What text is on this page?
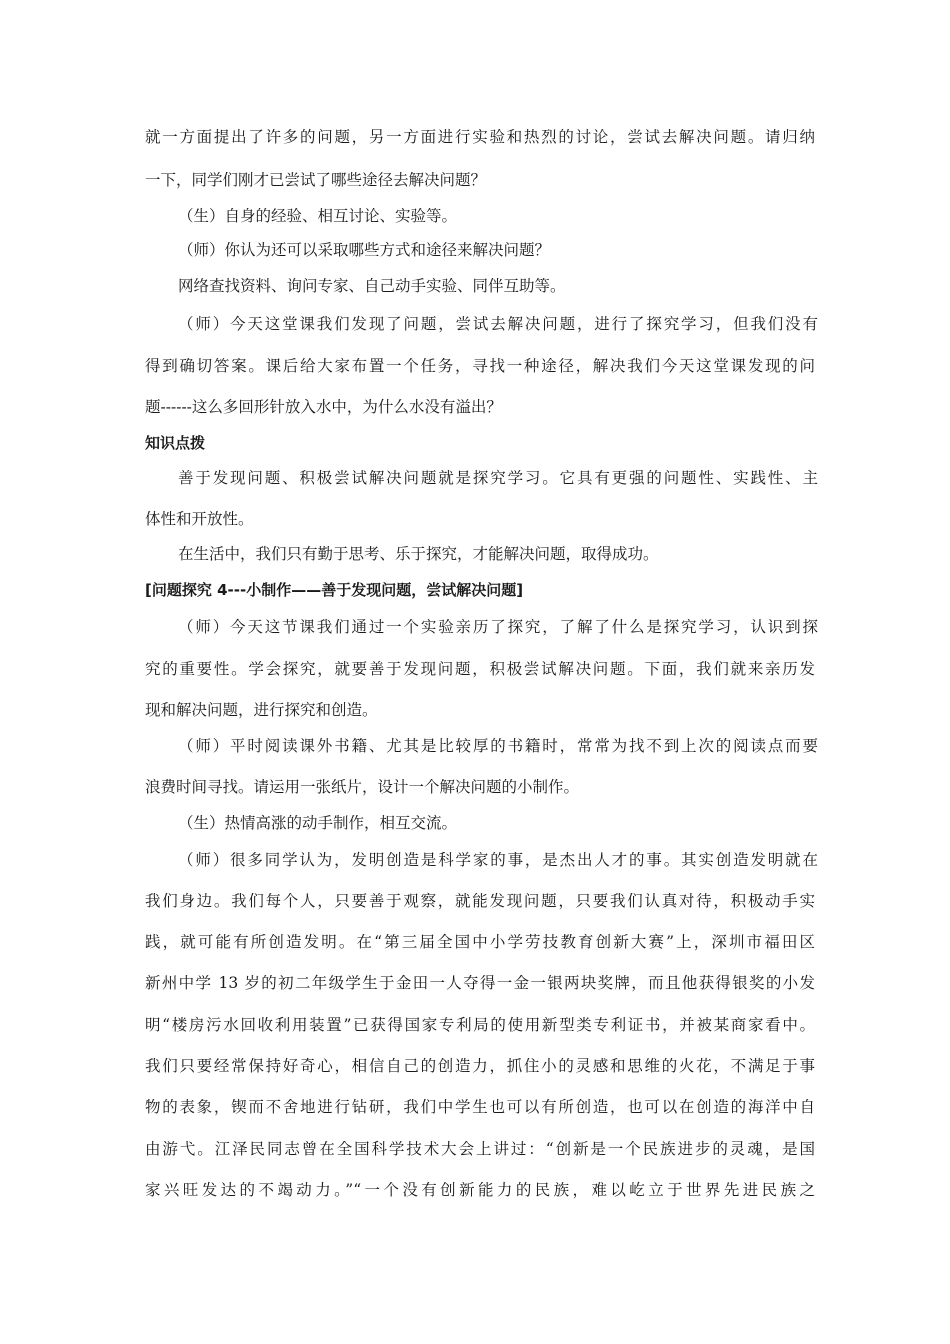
就一方面提出了许多的问题，另一方面进行实验和热烈的讨论，尝试去解决问题。请归纳
一下，同学们刚才已尝试了哪些途径去解决问题？
（生）自身的经验、相互讨论、实验等。
（师）你认为还可以采取哪些方式和途径来解决问题？
网络查找资料、询问专家、自己动手实验、同伴互助等。
（师）今天这堂课我们发现了问题，尝试去解决问题，进行了探究学习，但我们没有
得到确切答案。课后给大家布置一个任务，寻找一种途径，解决我们今天这堂课发现的问
题------这么多回形针放入水中，为什么水没有溢出？
知识点拨
善于发现问题、积极尝试解决问题就是探究学习。它具有更强的问题性、实践性、主
体性和开放性。
在生活中，我们只有勤于思考、乐于探究，才能解决问题，取得成功。
[问题探究 4---小制作——善于发现问题，尝试解决问题]
（师）今天这节课我们通过一个实验亲历了探究，了解了什么是探究学习，认识到探
究的重要性。学会探究，就要善于发现问题，积极尝试解决问题。下面，我们就来亲历发
现和解决问题，进行探究和创造。
（师）平时阅读课外书籍、尤其是比较厚的书籍时，常常为找不到上次的阅读点而要
浪费时间寻找。请运用一张纸片，设计一个解决问题的小制作。
（生）热情高涨的动手制作，相互交流。
（师）很多同学认为，发明创造是科学家的事，是杰出人才的事。其实创造发明就在
我们身边。我们每个人，只要善于观察，就能发现问题，只要我们认真对待，积极动手实
践，就可能有所创造发明。在“第三届全国中小学劳技教育创新大赛”上，深圳市福田区
新州中学 13 岁的初二年级学生于金田一人夺得一金一银两块奖牌，而且他获得银奖的小发
明“楼房污水回收利用装置”已获得国家专利局的使用新型类专利证书，并被某商家看中。
我们只要经常保持好奇心，相信自己的创造力，抓住小的灵感和思维的火花，不满足于事
物的表象，锲而不舍地进行钻研，我们中学生也可以有所创造，也可以在创造的海洋中自
由游弋。江泽民同志曾在全国科学技术大会上讲过：“创新是一个民族进步的灵魂，是国
家兴旺发达的不竭动力。”“一个没有创新能力的民族，难以屹立于世界先进民族之
